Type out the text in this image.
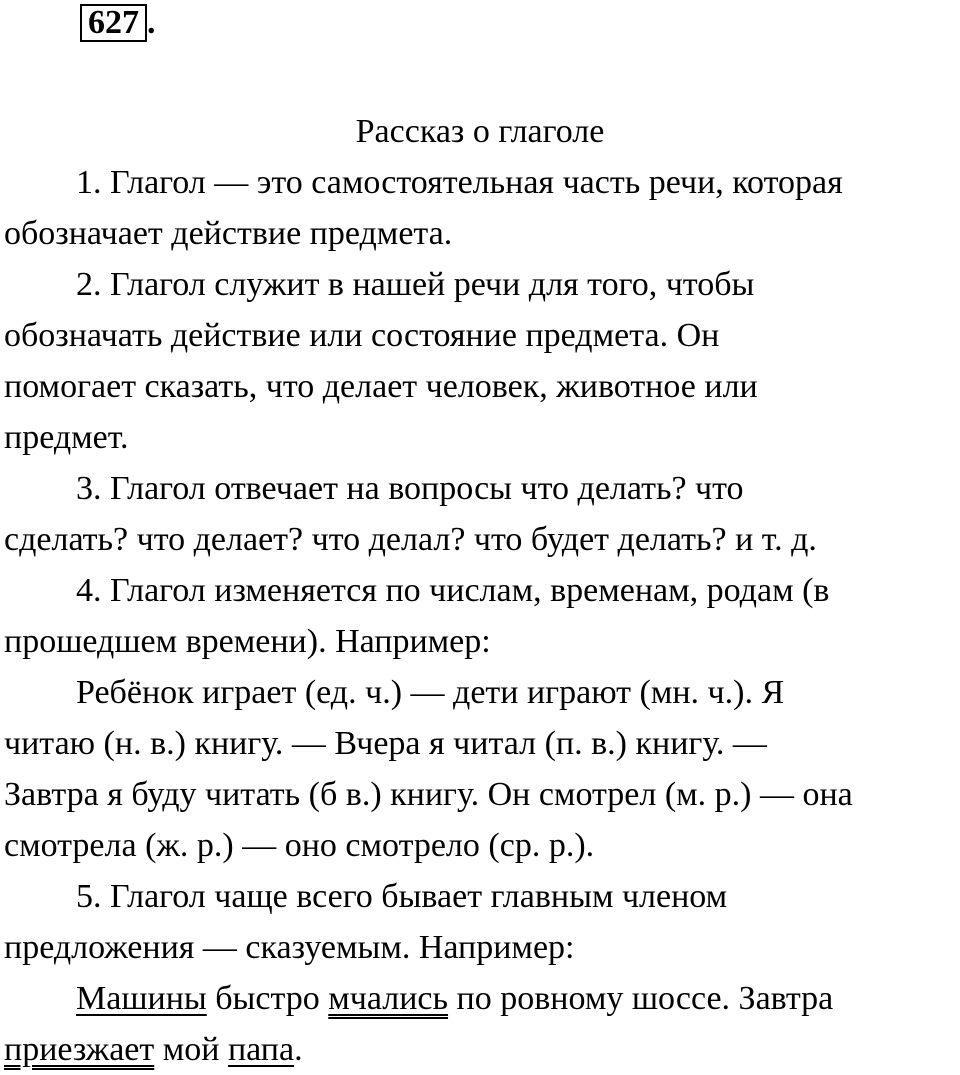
627 .
Рассказ о глаголе
1. Глагол — это самостоятельная часть речи, которая
обозначает действие предмета.
2. Глагол служит в нашей речи для того, чтобы
обозначать действие или состояние предмета. Он
помогает сказать, что делает человек, животное или
предмет.
3. Глагол отвечает на вопросы что делать? что
сделать? что делает? что делал? что будет делать? и т. д.
4. Глагол изменяется по числам, временам, родам (в
прошедшем времени). Например:
Ребёнок играет (ед. ч.) — дети играют (мн. ч.). Я
читаю (н. в.) книгу. — Вчера я читал (п. в.) книгу. —
Завтра я буду читать (б в.) книгу. Он смотрел (м. р.) — она
смотрела (ж. р.) — оно смотрело (ср. р.).
5. Глагол чаще всего бывает главным членом
предложения — сказуемым. Например:
Машины быстро мчались по ровному шоссе. Завтра
приезжает мой папа.
